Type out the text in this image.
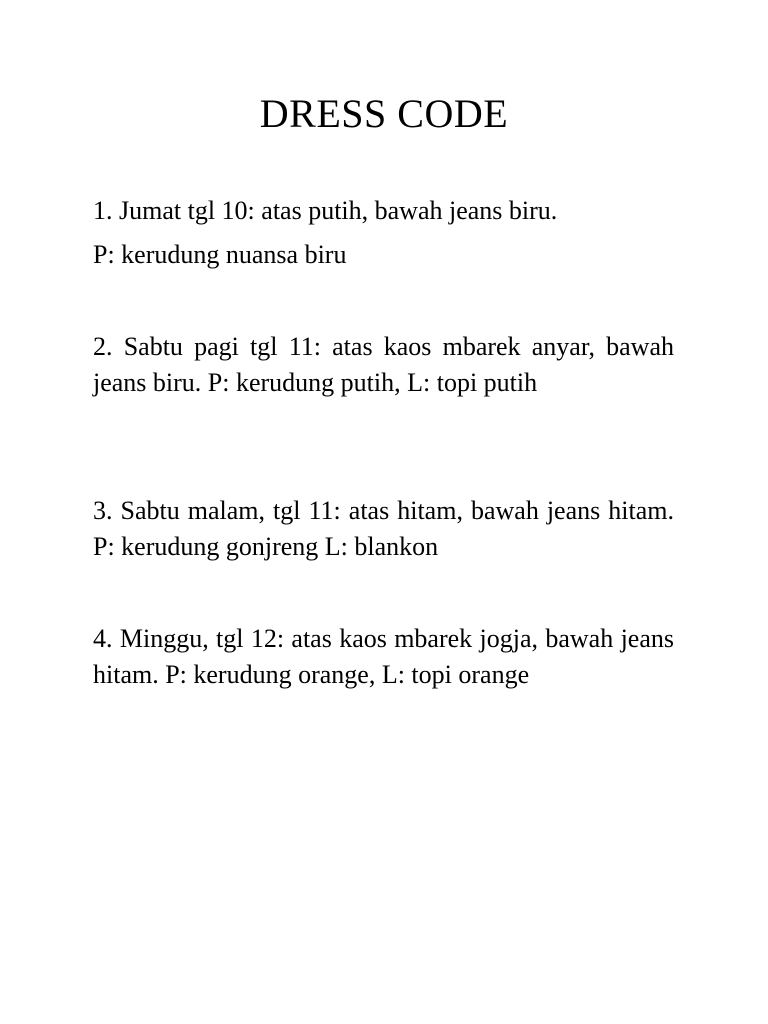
DRESS CODE

1. Jumat tgl 10: atas putih, bawah jeans biru.

P: kerudung nuansa biru

2. Sabtu pagi tgl 11: atas kaos mbarek anyar, bawah jeans biru. P: kerudung putih, L: topi putih

3. Sabtu malam, tgl 11: atas hitam, bawah jeans hitam. P: kerudung gonjreng L: blankon

4. Minggu, tgl 12: atas kaos mbarek jogja, bawah jeans hitam. P: kerudung orange, L: topi orange
